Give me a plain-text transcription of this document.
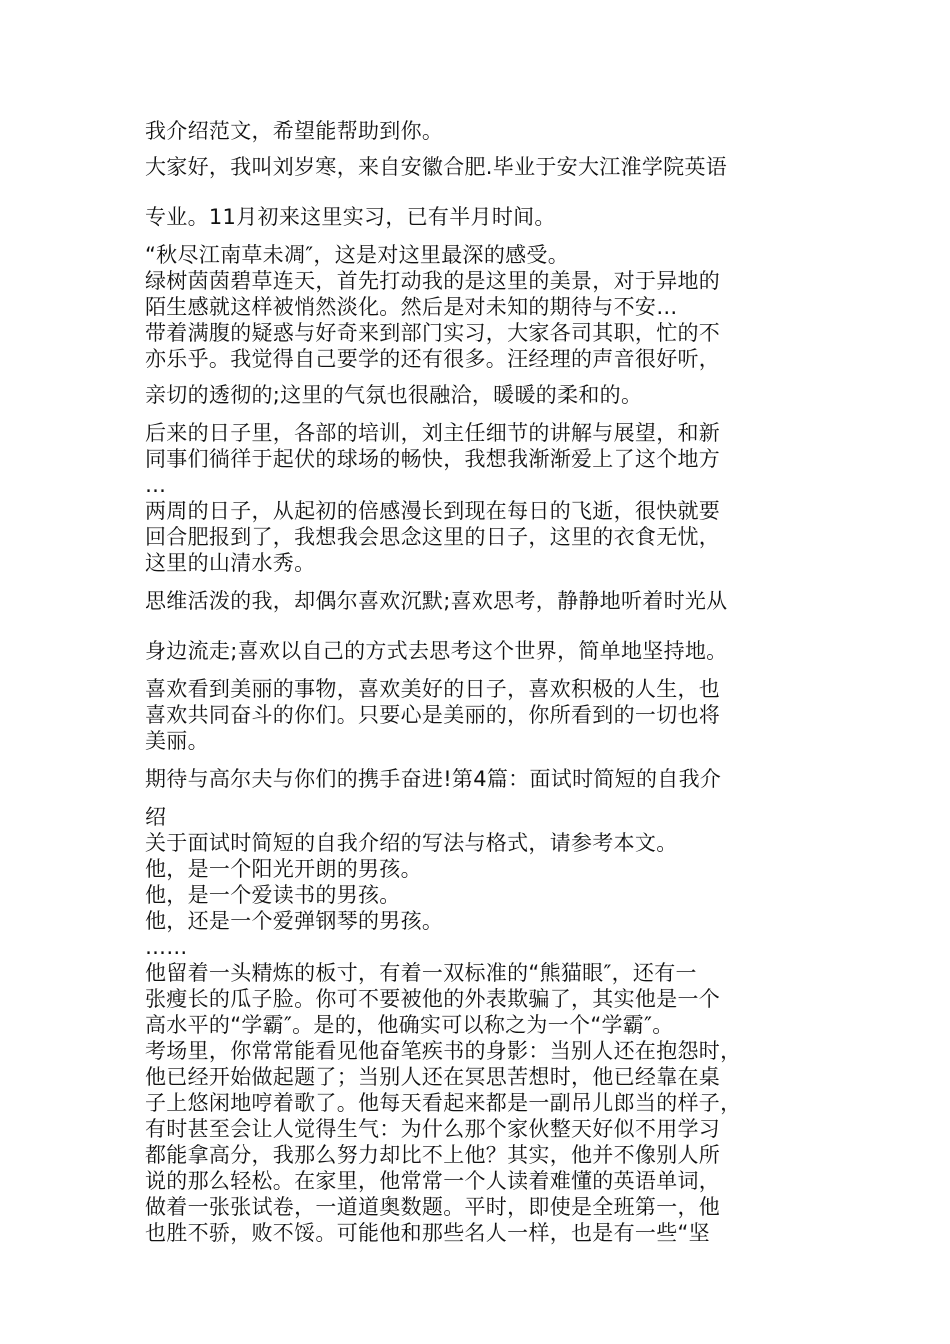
我介绍范文，希望能帮助到你。
大家好，我叫刘岁寒，来自安徽合肥.毕业于安大江淮学院英语
专业。11月初来这里实习，已有半月时间。
“秋尽江南草未凋″，这是对这里最深的感受。
绿树茵茵碧草连天，首先打动我的是这里的美景，对于异地的
陌生感就这样被悄然淡化。然后是对未知的期待与不安…
带着满腹的疑惑与好奇来到部门实习，大家各司其职，忙的不
亦乐乎。我觉得自己要学的还有很多。汪经理的声音很好听，
亲切的透彻的;这里的气氛也很融洽，暖暖的柔和的。
后来的日子里，各部的培训，刘主任细节的讲解与展望，和新
同事们徜徉于起伏的球场的畅快，我想我渐渐爱上了这个地方
…
两周的日子，从起初的倍感漫长到现在每日的飞逝，很快就要
回合肥报到了，我想我会思念这里的日子，这里的衣食无忧，
这里的山清水秀。
思维活泼的我，却偶尔喜欢沉默;喜欢思考，静静地听着时光从
身边流走;喜欢以自己的方式去思考这个世界，简单地坚持地。
喜欢看到美丽的事物，喜欢美好的日子，喜欢积极的人生，也
喜欢共同奋斗的你们。只要心是美丽的，你所看到的一切也将
美丽。
期待与高尔夫与你们的携手奋进!第4篇：面试时简短的自我介
绍
关于面试时简短的自我介绍的写法与格式，请参考本文。
他，是一个阳光开朗的男孩。
他，是一个爱读书的男孩。
他，还是一个爱弹钢琴的男孩。
……
他留着一头精炼的板寸，有着一双标准的“熊猫眼″，还有一
张瘦长的瓜子脸。你可不要被他的外表欺骗了，其实他是一个
高水平的“学霸″。是的，他确实可以称之为一个“学霸″。
考场里，你常常能看见他奋笔疾书的身影：当别人还在抱怨时，
他已经开始做起题了；当别人还在冥思苦想时，他已经靠在桌
子上悠闲地哼着歌了。他每天看起来都是一副吊儿郎当的样子，
有时甚至会让人觉得生气：为什么那个家伙整天好似不用学习
都能拿高分，我那么努力却比不上他？其实，他并不像别人所
说的那么轻松。在家里，他常常一个人读着难懂的英语单词，
做着一张张试卷，一道道奥数题。平时，即使是全班第一，他
也胜不骄，败不馁。可能他和那些名人一样，也是有一些“坚
